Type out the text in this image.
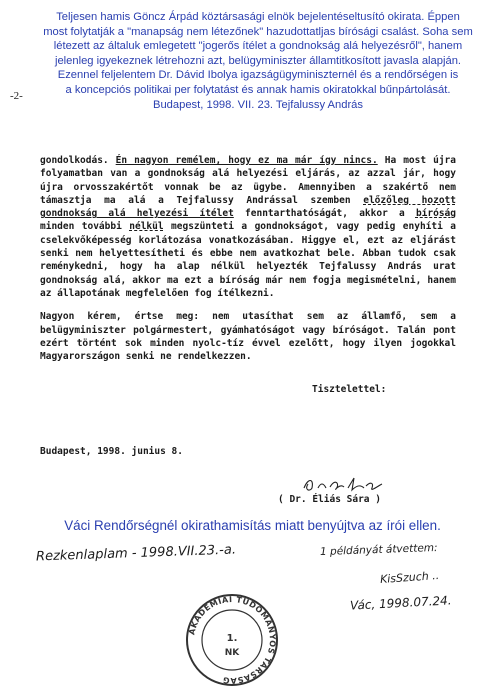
Teljesen hamis Göncz Árpád köztársasági elnök bejelentéseltusító okirata. Éppen
most folytatják a "manapság nem létezőnek" hazudottatljas bírósági csalást. Soha sem
létezett az általuk emlegetett "jogerős ítélet a gondnokság alá helyezésről", hanem
jelenleg igyekeznek létrehozni azt, belügyminiszter államtitkosított javasla alapján.
Ezennel feljelentem Dr. Dávid Ibolya igazságügyminiszternél és a rendőrségen is
a koncepciós politikai per folytatást és annak hamis okiratokkal bűnpártolását.
Budapest, 1998. VII. 23. Tejfalussy András
-2-

gondolkodás. Én nagyon remélem, hogy ez ma már így nincs. Ha most újra folyamatban van a gondnokság alá helyezési eljárás, az azzal jár, hogy újra orvosszakértőt vonnak be az ügybe. Amennyiben a szakértő nem támasztja ma alá a Tejfalussy Andrással szemben előzőleg hozott gondnokság alá helyezési ítélet fenntarthatóságát, akkor a bíróság minden további nélkül megszünteti a gondnokságot, vagy pedig enyhíti a cselekvőképesség korlátozása vonatkozásában. Higgye el, ezt az eljárást senki nem helyettesítheti és ebbe nem avatkozhat bele. Abban tudok csak reménykedni, hogy ha alap nélkül helyezték Tejfalussy András urat gondnokság alá, akkor ma ezt a bíróság már nem fogja megismételni, hanem az állapotának megfelelően fog ítélkezni.

Nagyon kérem, értse meg: nem utasíthat sem az államfő, sem a belügyminiszter polgármestert, gyámhatóságot vagy bíróságot. Talán pont ezért történt sok minden nyolc-tíz évvel ezelőtt, hogy ilyen jogokkal Magyarországon senki ne rendelkezzen.

Tisztelettel:
Budapest, 1998. junius 8.
( Dr. Éliás Sára )
Váci Rendőrségnél okirathamisítás miatt benyújtva az írói ellen.
Rezkenlaplam - 1998.VII.23.-a.	1 példányát átvettem:
KisSzuch ..
Vác, 1998.07.24.
AKADÉMIAI TUDOMÁNYOS TÁRSASÁG
1.
NK
